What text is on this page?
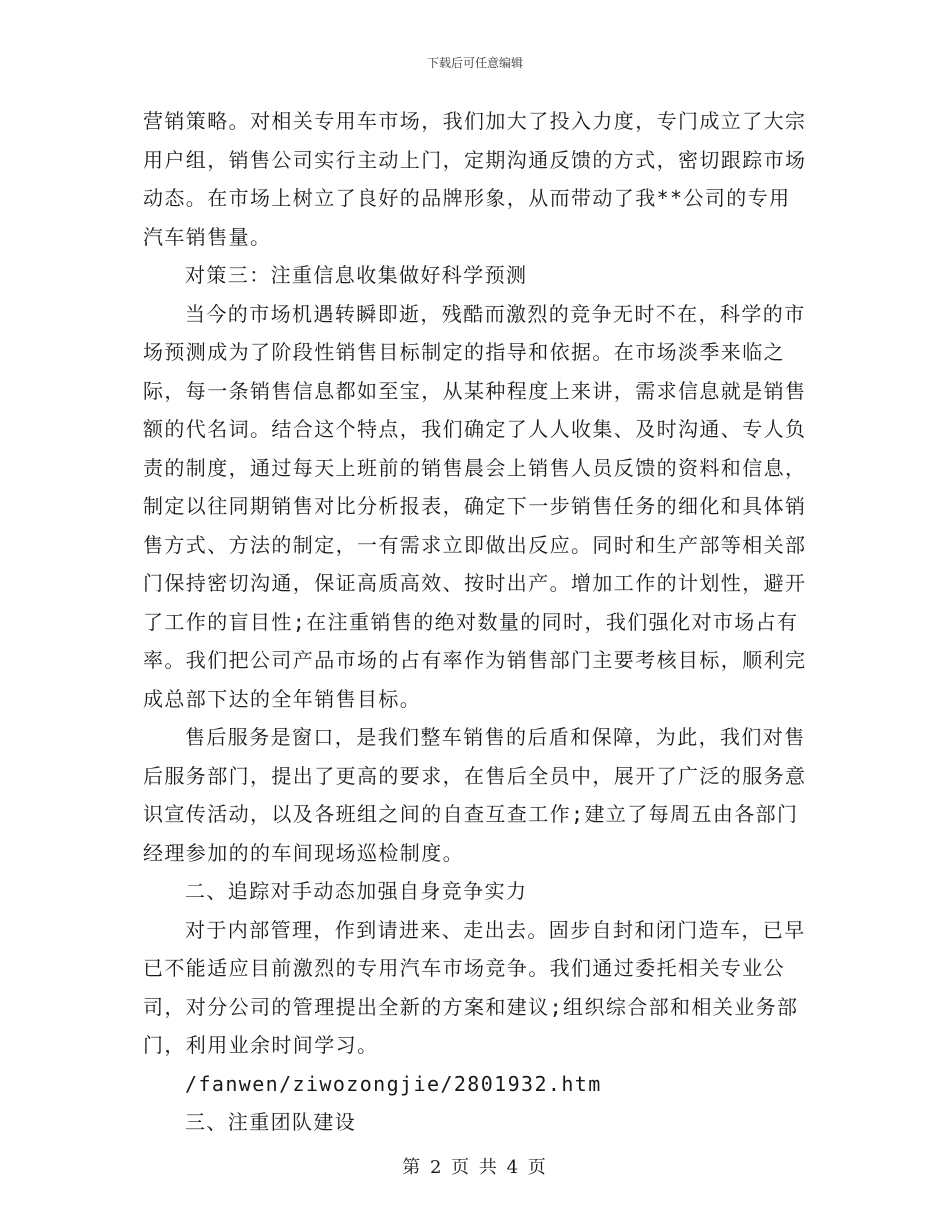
下载后可任意编辑

营销策略。对相关专用车市场，我们加大了投入力度，专门成立了大宗用户组，销售公司实行主动上门，定期沟通反馈的方式，密切跟踪市场动态。在市场上树立了良好的品牌形象，从而带动了我**公司的专用汽车销售量。

对策三：注重信息收集做好科学预测

当今的市场机遇转瞬即逝，残酷而激烈的竞争无时不在，科学的市场预测成为了阶段性销售目标制定的指导和依据。在市场淡季来临之际，每一条销售信息都如至宝，从某种程度上来讲，需求信息就是销售额的代名词。结合这个特点，我们确定了人人收集、及时沟通、专人负责的制度，通过每天上班前的销售晨会上销售人员反馈的资料和信息，制定以往同期销售对比分析报表，确定下一步销售任务的细化和具体销售方式、方法的制定，一有需求立即做出反应。同时和生产部等相关部门保持密切沟通，保证高质高效、按时出产。增加工作的计划性，避开了工作的盲目性;在注重销售的绝对数量的同时，我们强化对市场占有率。我们把公司产品市场的占有率作为销售部门主要考核目标，顺利完成总部下达的全年销售目标。

售后服务是窗口，是我们整车销售的后盾和保障，为此，我们对售后服务部门，提出了更高的要求，在售后全员中，展开了广泛的服务意识宣传活动，以及各班组之间的自查互查工作;建立了每周五由各部门经理参加的的车间现场巡检制度。

二、追踪对手动态加强自身竞争实力

对于内部管理，作到请进来、走出去。固步自封和闭门造车，已早已不能适应目前激烈的专用汽车市场竞争。我们通过委托相关专业公司，对分公司的管理提出全新的方案和建议;组织综合部和相关业务部门，利用业余时间学习。

/fanwen/ziwozongjie/2801932.htm

三、注重团队建设

第 2 页 共 4 页
